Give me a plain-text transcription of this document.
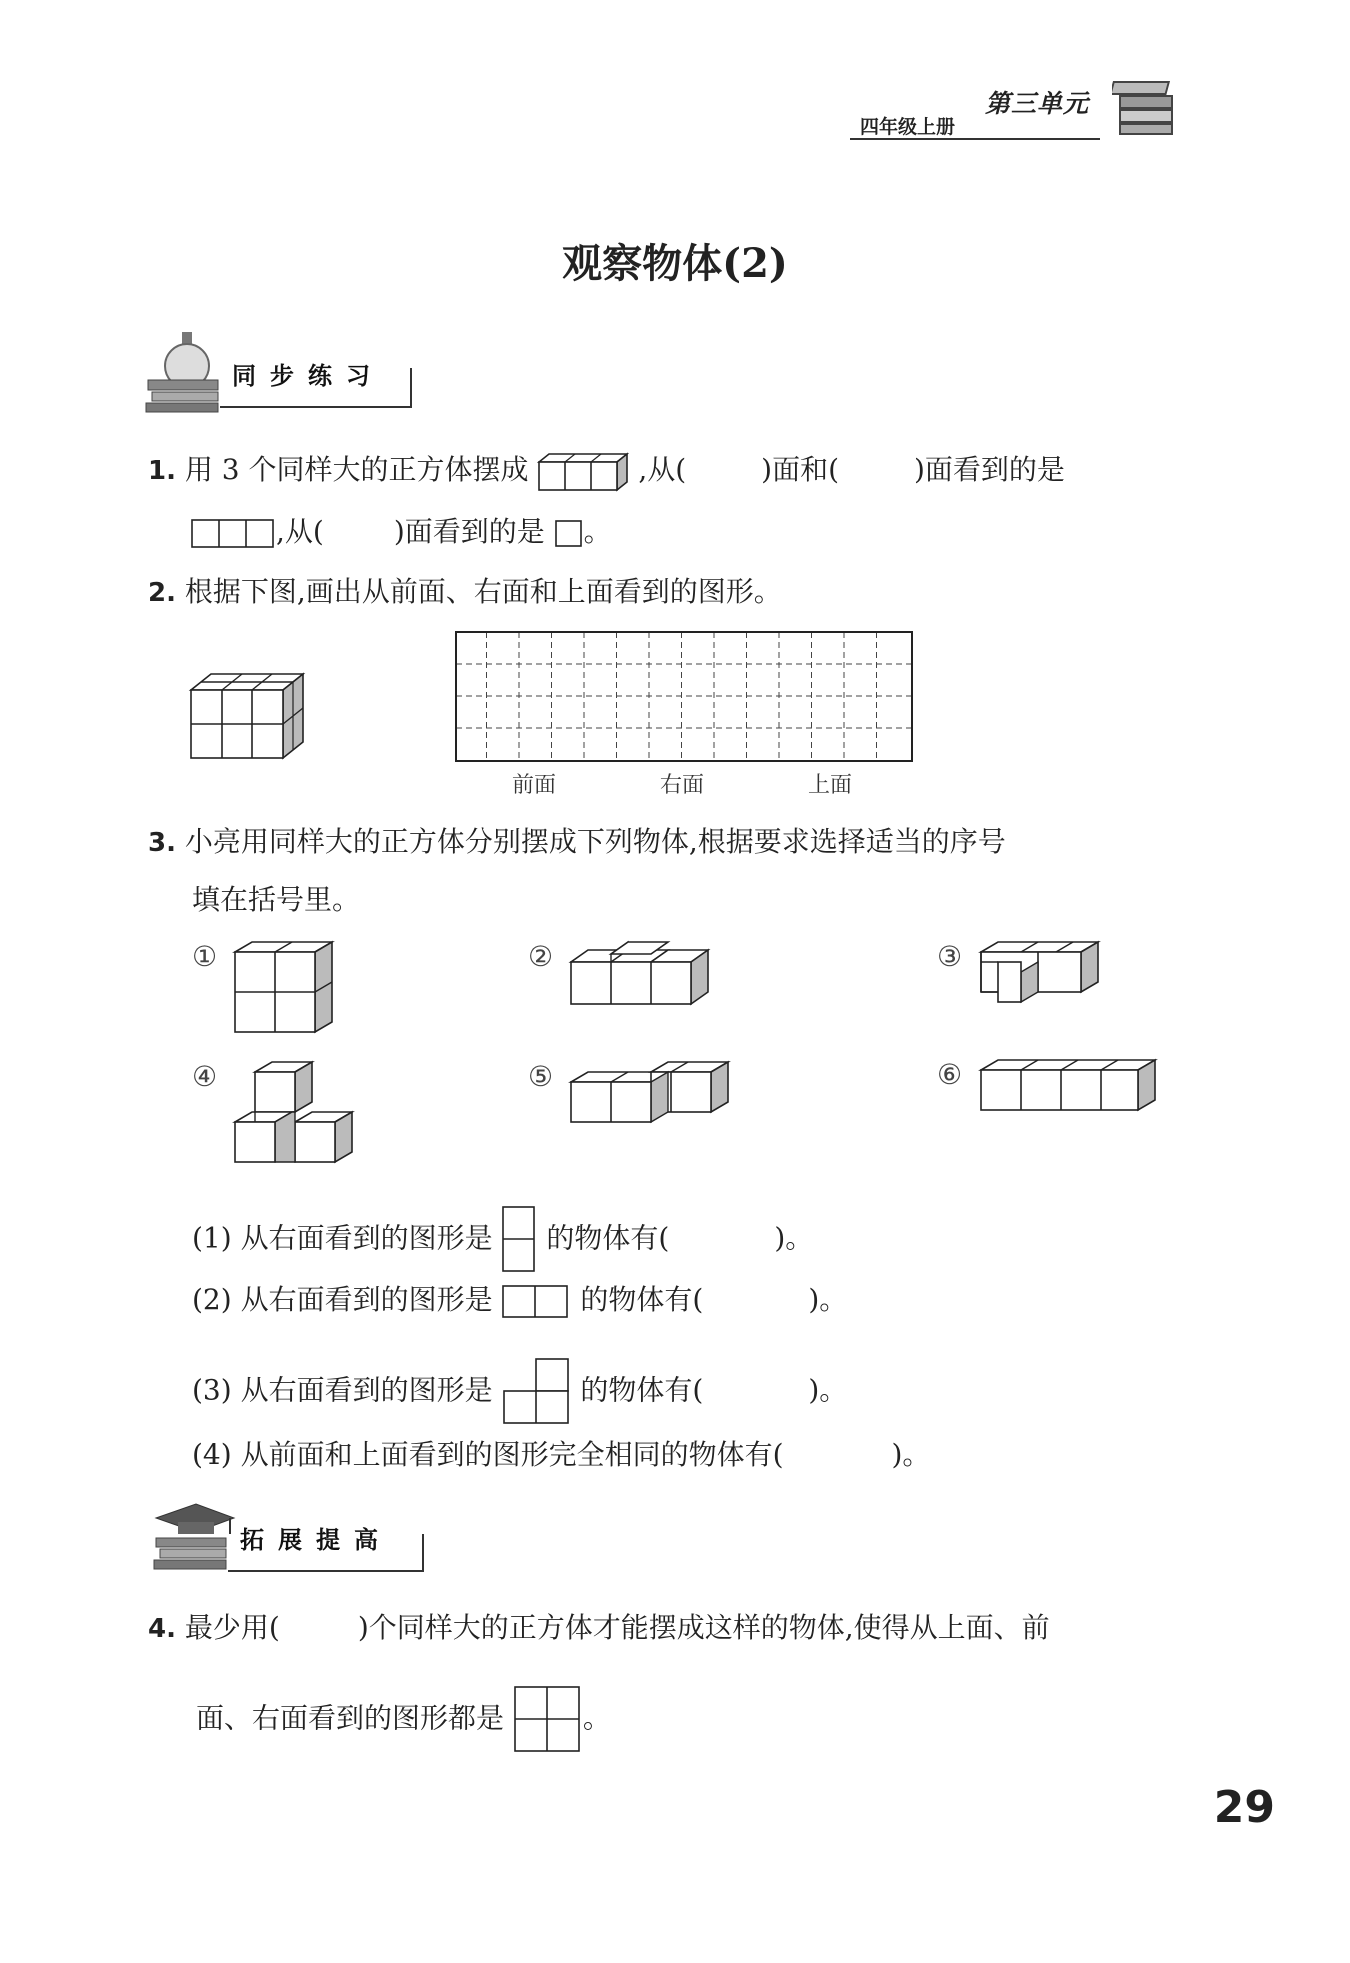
四年级上册
第三单元
观察物体(2)
同步练习
1. 用 3 个同样大的正方体摆成	,从(	)面和(	)面看到的是
,从(	)面看到的是 。
2. 根据下图,画出从前面、右面和上面看到的图形。
前面	右面	上面
3. 小亮用同样大的正方体分别摆成下列物体,根据要求选择适当的序号
填在括号里。
①	②	③
④	⑤	⑥
(1) 从右面看到的图形是 的物体有(	)。
(2) 从右面看到的图形是	的物体有(	)。
(3) 从右面看到的图形是	的物体有(	)。
(4) 从前面和上面看到的图形完全相同的物体有(	)。
拓展提高
4. 最少用(	)个同样大的正方体才能摆成这样的物体,使得从上面、前
面、右面看到的图形都是	。
29
